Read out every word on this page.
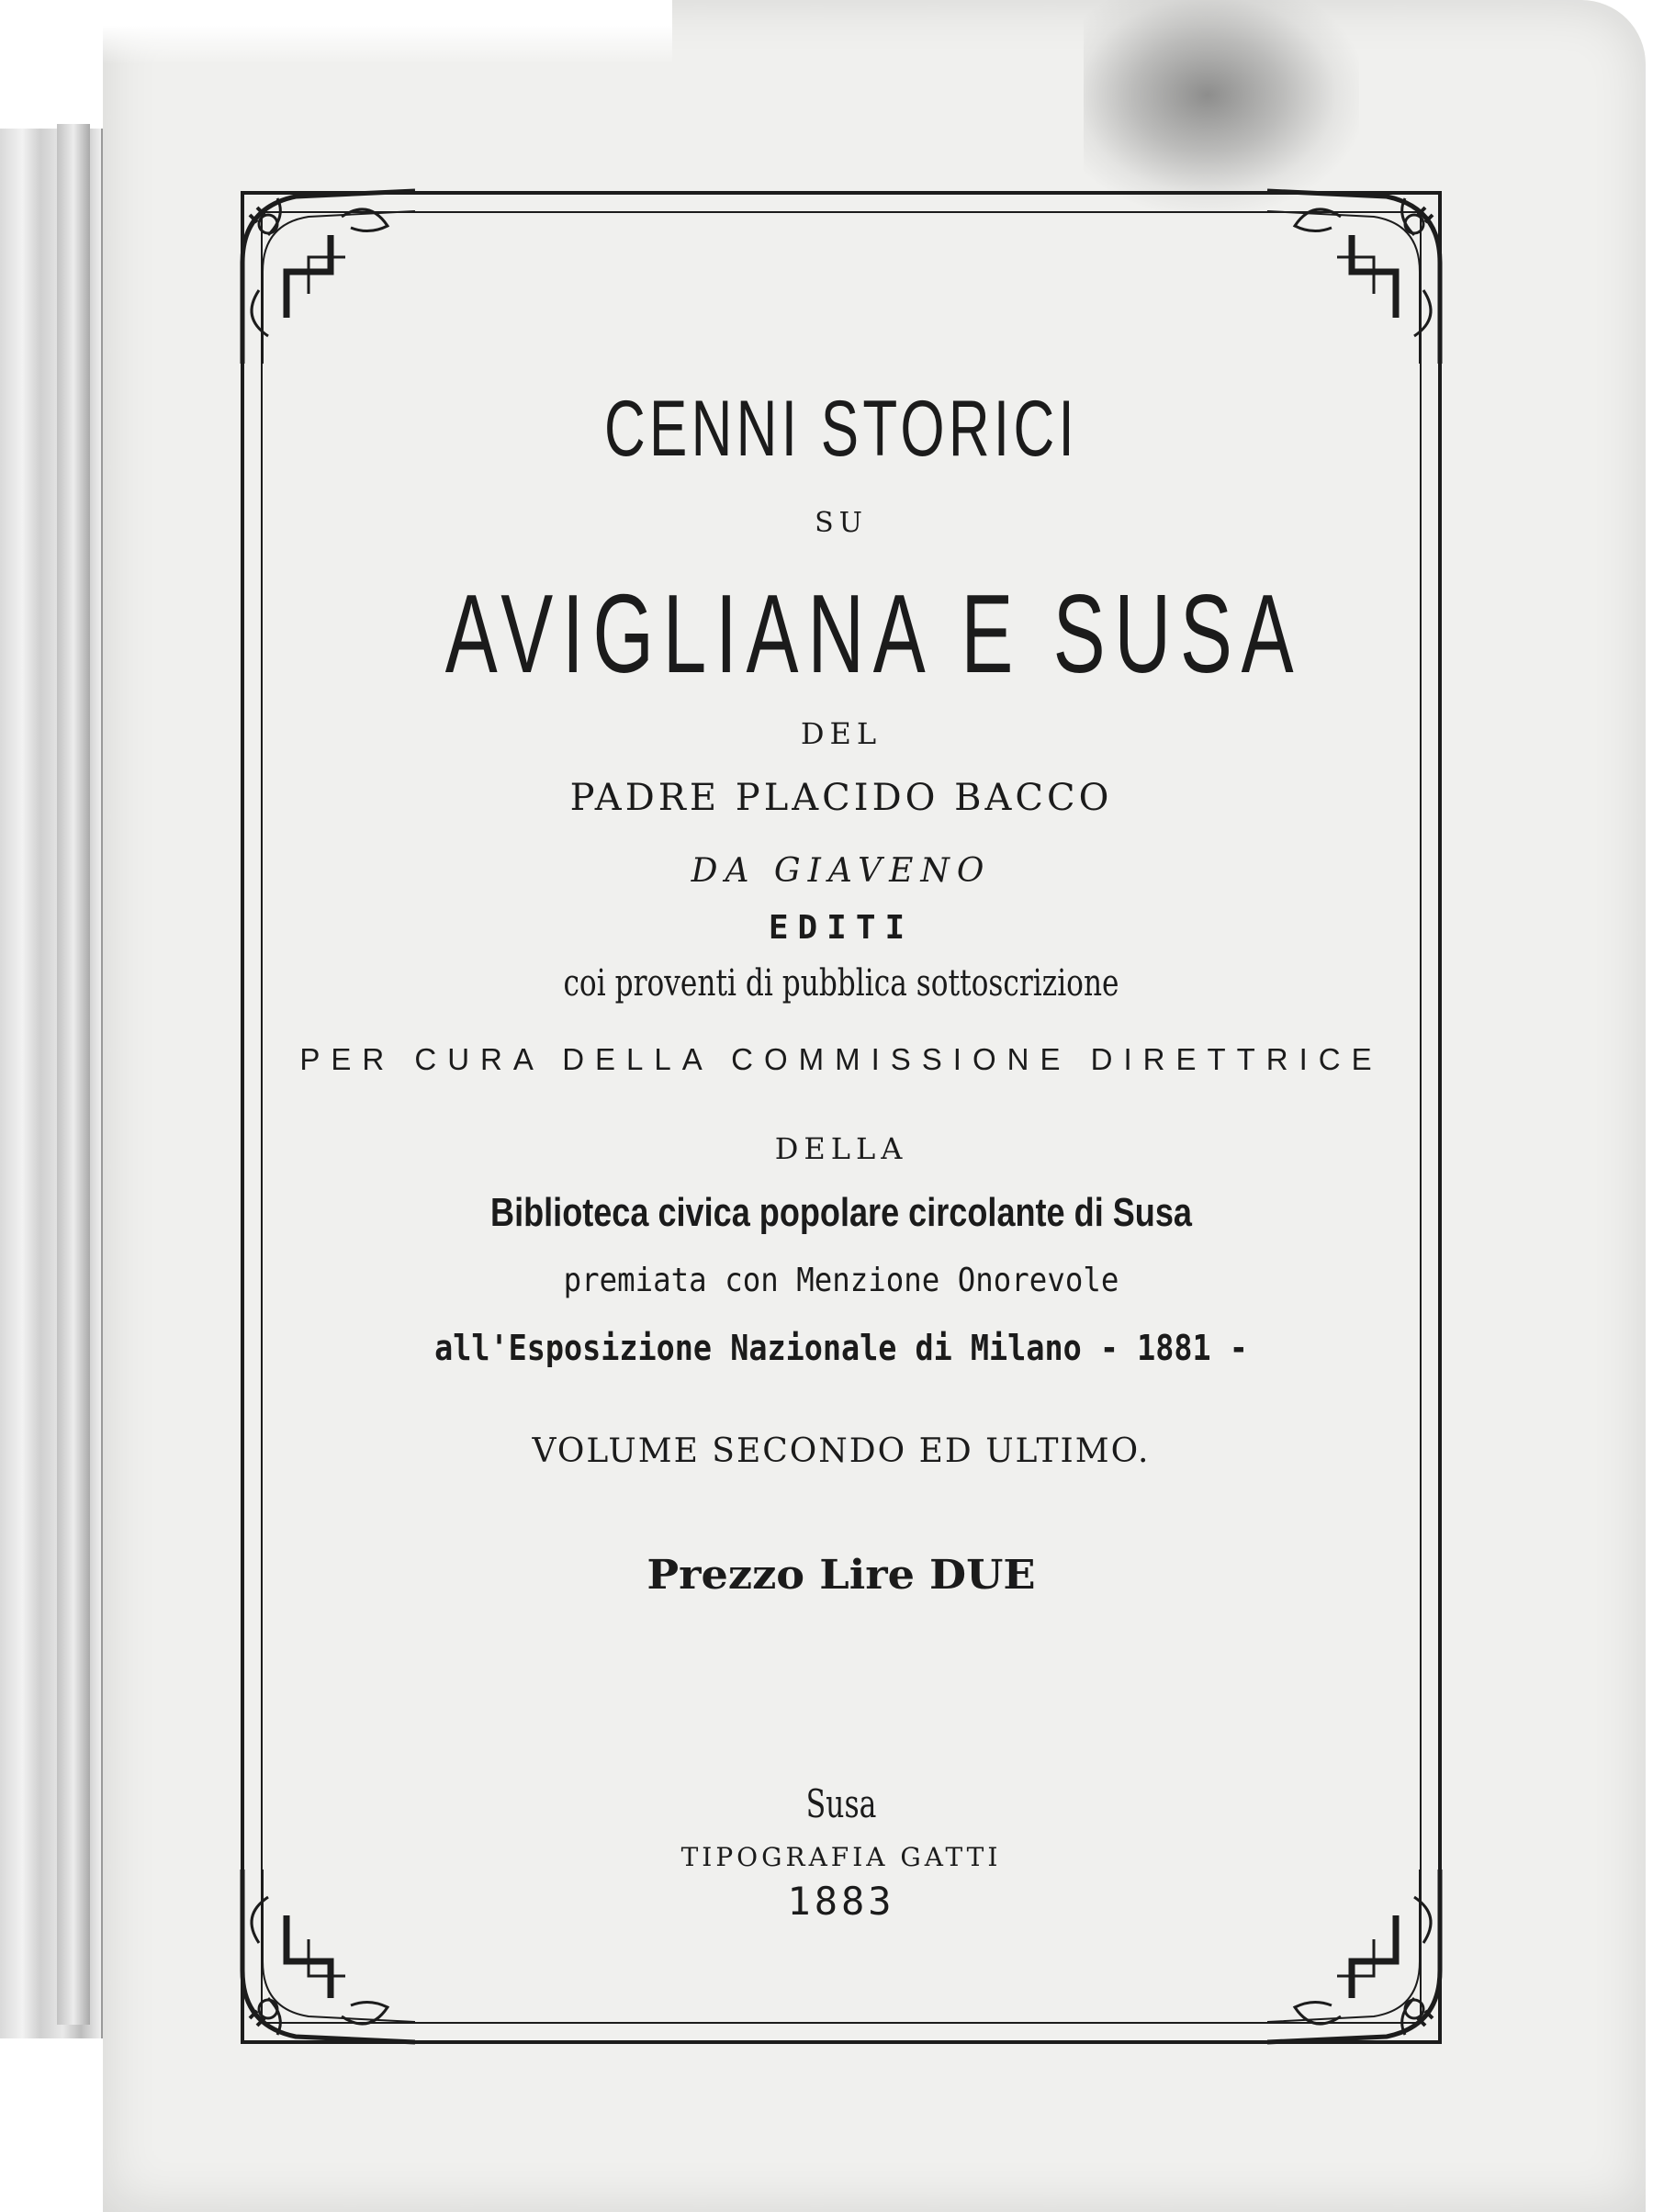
CENNI STORICI
SU
AVIGLIANA E SUSA
DEL
PADRE PLACIDO BACCO
DA GIAVENO
EDITI
coi proventi di pubblica sottoscrizione
PER CURA DELLA COMMISSIONE DIRETTRICE
DELLA
Biblioteca civica popolare circolante di Susa
premiata con Menzione Onorevole
all'Esposizione Nazionale di Milano - 1881 -
VOLUME SECONDO ED ULTIMO.
Prezzo Lire DUE
Susa
TIPOGRAFIA GATTI
1883
